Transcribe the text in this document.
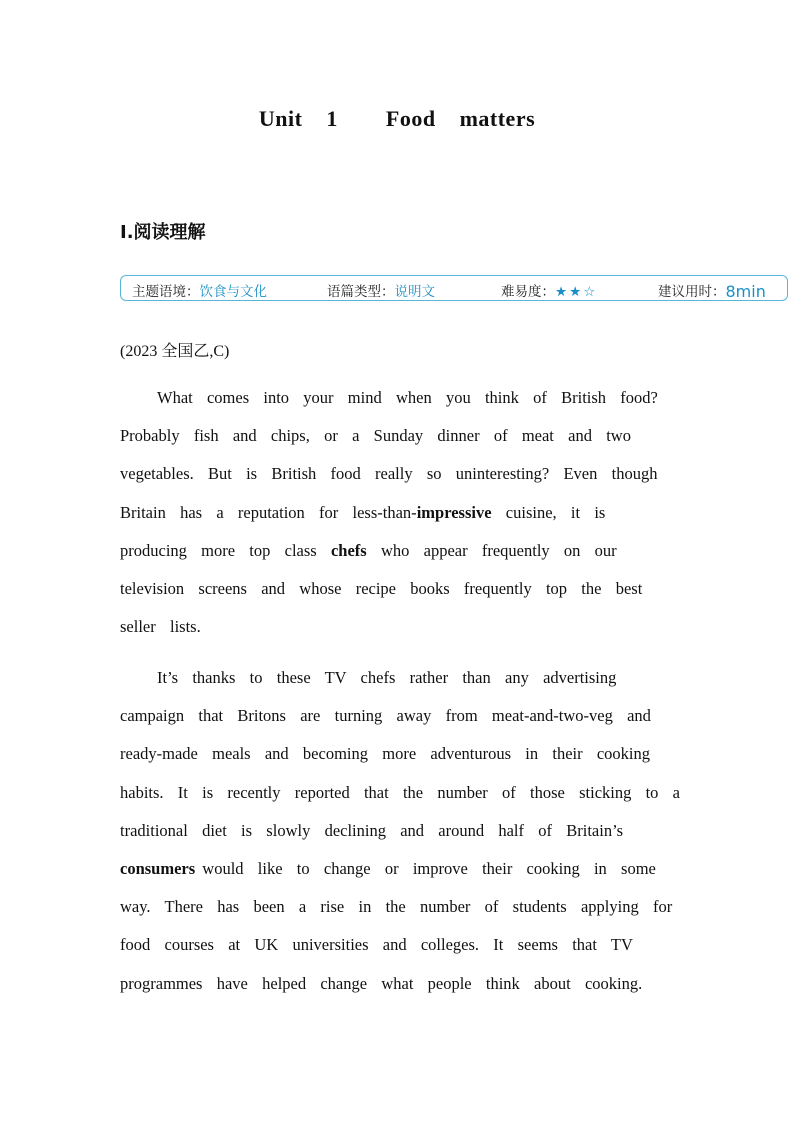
Unit  1    Food  matters
Ⅰ.阅读理解
主题语境：饮食与文化	语篇类型：说明文	难易度：★★☆	建议用时：8min
(2023 全国乙,C)
What  comes  into  your  mind  when  you  think  of  British  food?
Probably  fish  and  chips,  or  a  Sunday  dinner  of  meat  and  two
vegetables.  But  is  British  food  really  so  uninteresting?  Even  though
Britain  has  a  reputation  for  less-than-impressive  cuisine,  it  is
producing  more  top  class  chefs  who  appear  frequently  on  our
television  screens  and  whose  recipe  books  frequently  top  the  best
seller  lists.
It’s  thanks  to  these  TV  chefs  rather  than  any  advertising
campaign  that  Britons  are  turning  away  from  meat-and-two-veg  and
ready-made  meals  and  becoming  more  adventurous  in  their  cooking
habits.  It  is  recently  reported  that  the  number  of  those  sticking  to  a
traditional  diet  is  slowly  declining  and  around  half  of  Britain’s
consumers would  like  to  change  or  improve  their  cooking  in  some
way.  There  has  been  a  rise  in  the  number  of  students  applying  for
food  courses  at  UK  universities  and  colleges.  It  seems  that  TV
programmes  have  helped  change  what  people  think  about  cooking.
